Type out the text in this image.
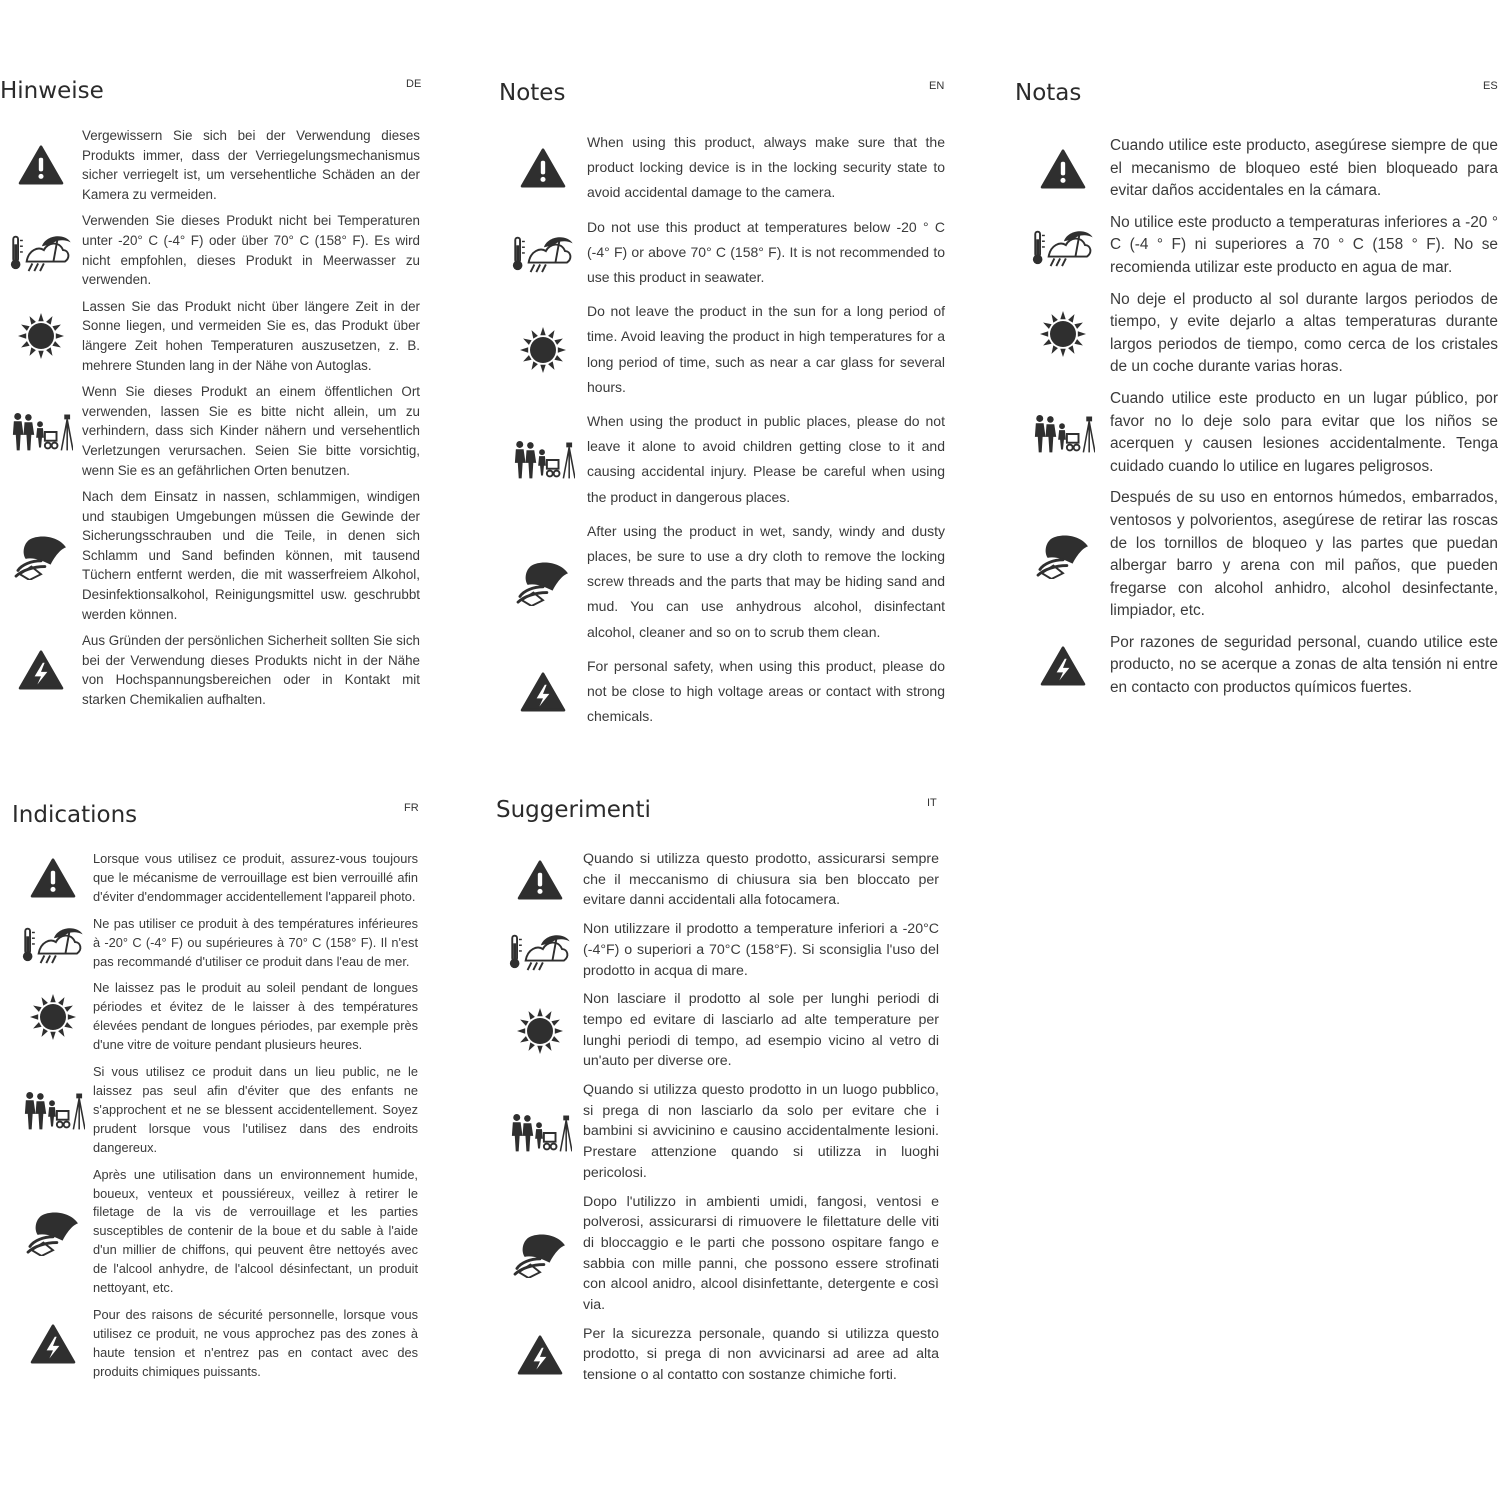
Hinweise	DE

Vergewissern Sie sich bei der Verwendung dieses Produkts immer, dass der Verriegelungsmechanismus sicher verriegelt ist, um versehentliche Schäden an der Kamera zu vermeiden.

Verwenden Sie dieses Produkt nicht bei Temperaturen unter -20° C (-4° F) oder über 70° C (158° F). Es wird nicht empfohlen, dieses Produkt in Meerwasser zu verwenden.

Lassen Sie das Produkt nicht über längere Zeit in der Sonne liegen, und vermeiden Sie es, das Produkt über längere Zeit hohen Temperaturen auszusetzen, z. B. mehrere Stunden lang in der Nähe von Autoglas.

Wenn Sie dieses Produkt an einem öffentlichen Ort verwenden, lassen Sie es bitte nicht allein, um zu verhindern, dass sich Kinder nähern und versehentlich Verletzungen verursachen. Seien Sie bitte vorsichtig, wenn Sie es an gefährlichen Orten benutzen.

Nach dem Einsatz in nassen, schlammigen, windigen und staubigen Umgebungen müssen die Gewinde der Sicherungsschrauben und die Teile, in denen sich Schlamm und Sand befinden können, mit tausend Tüchern entfernt werden, die mit wasserfreiem Alkohol, Desinfektionsalkohol, Reinigungsmittel usw. geschrubbt werden können.

Aus Gründen der persönlichen Sicherheit sollten Sie sich bei der Verwendung dieses Produkts nicht in der Nähe von Hochspannungsbereichen oder in Kontakt mit starken Chemikalien aufhalten.

Notes	EN

When using this product, always make sure that the product locking device is in the locking security state to avoid accidental damage to the camera.

Do not use this product at temperatures below -20 ° C (-4° F) or above 70° C (158° F). It is not recommended to use this product in seawater.

Do not leave the product in the sun for a long period of time. Avoid leaving the product in high temperatures for a long period of time, such as near a car glass for several hours.

When using the product in public places, please do not leave it alone to avoid children getting close to it and causing accidental injury. Please be careful when using the product in dangerous places.

After using the product in wet, sandy, windy and dusty places, be sure to use a dry cloth to remove the locking screw threads and the parts that may be hiding sand and mud. You can use anhydrous alcohol, disinfectant alcohol, cleaner and so on to scrub them clean.

For personal safety, when using this product, please do not be close to high voltage areas or contact with strong chemicals.

Notas	ES

Cuando utilice este producto, asegúrese siempre de que el mecanismo de bloqueo esté bien bloqueado para evitar daños accidentales en la cámara.

No utilice este producto a temperaturas inferiores a -20 ° C (-4 ° F) ni superiores a 70 ° C (158 ° F). No se recomienda utilizar este producto en agua de mar.

No deje el producto al sol durante largos periodos de tiempo, y evite dejarlo a altas temperaturas durante largos periodos de tiempo, como cerca de los cristales de un coche durante varias horas.

Cuando utilice este producto en un lugar público, por favor no lo deje solo para evitar que los niños se acerquen y causen lesiones accidentalmente. Tenga cuidado cuando lo utilice en lugares peligrosos.

Después de su uso en entornos húmedos, embarrados, ventosos y polvorientos, asegúrese de retirar las roscas de los tornillos de bloqueo y las partes que puedan albergar barro y arena con mil paños, que pueden fregarse con alcohol anhidro, alcohol desinfectante, limpiador, etc.

Por razones de seguridad personal, cuando utilice este producto, no se acerque a zonas de alta tensión ni entre en contacto con productos químicos fuertes.

Indications	FR

Lorsque vous utilisez ce produit, assurez-vous toujours que le mécanisme de verrouillage est bien verrouillé afin d'éviter d'endommager accidentellement l'appareil photo.

Ne pas utiliser ce produit à des températures inférieures à -20° C (-4° F) ou supérieures à 70° C (158° F). Il n'est pas recommandé d'utiliser ce produit dans l'eau de mer.

Ne laissez pas le produit au soleil pendant de longues périodes et évitez de le laisser à des températures élevées pendant de longues périodes, par exemple près d'une vitre de voiture pendant plusieurs heures.

Si vous utilisez ce produit dans un lieu public, ne le laissez pas seul afin d'éviter que des enfants ne s'approchent et ne se blessent accidentellement. Soyez prudent lorsque vous l'utilisez dans des endroits dangereux.

Après une utilisation dans un environnement humide, boueux, venteux et poussiéreux, veillez à retirer le filetage de la vis de verrouillage et les parties susceptibles de contenir de la boue et du sable à l'aide d'un millier de chiffons, qui peuvent être nettoyés avec de l'alcool anhydre, de l'alcool désinfectant, un produit nettoyant, etc.

Pour des raisons de sécurité personnelle, lorsque vous utilisez ce produit, ne vous approchez pas des zones à haute tension et n'entrez pas en contact avec des produits chimiques puissants.

Suggerimenti	IT

Quando si utilizza questo prodotto, assicurarsi sempre che il meccanismo di chiusura sia ben bloccato per evitare danni accidentali alla fotocamera.

Non utilizzare il prodotto a temperature inferiori a -20°C (-4°F) o superiori a 70°C (158°F). Si sconsiglia l'uso del prodotto in acqua di mare.

Non lasciare il prodotto al sole per lunghi periodi di tempo ed evitare di lasciarlo ad alte temperature per lunghi periodi di tempo, ad esempio vicino al vetro di un'auto per diverse ore.

Quando si utilizza questo prodotto in un luogo pubblico, si prega di non lasciarlo da solo per evitare che i bambini si avvicinino e causino accidentalmente lesioni. Prestare attenzione quando si utilizza in luoghi pericolosi.

Dopo l'utilizzo in ambienti umidi, fangosi, ventosi e polverosi, assicurarsi di rimuovere le filettature delle viti di bloccaggio e le parti che possono ospitare fango e sabbia con mille panni, che possono essere strofinati con alcool anidro, alcool disinfettante, detergente e così via.

Per la sicurezza personale, quando si utilizza questo prodotto, si prega di non avvicinarsi ad aree ad alta tensione o al contatto con sostanze chimiche forti.
